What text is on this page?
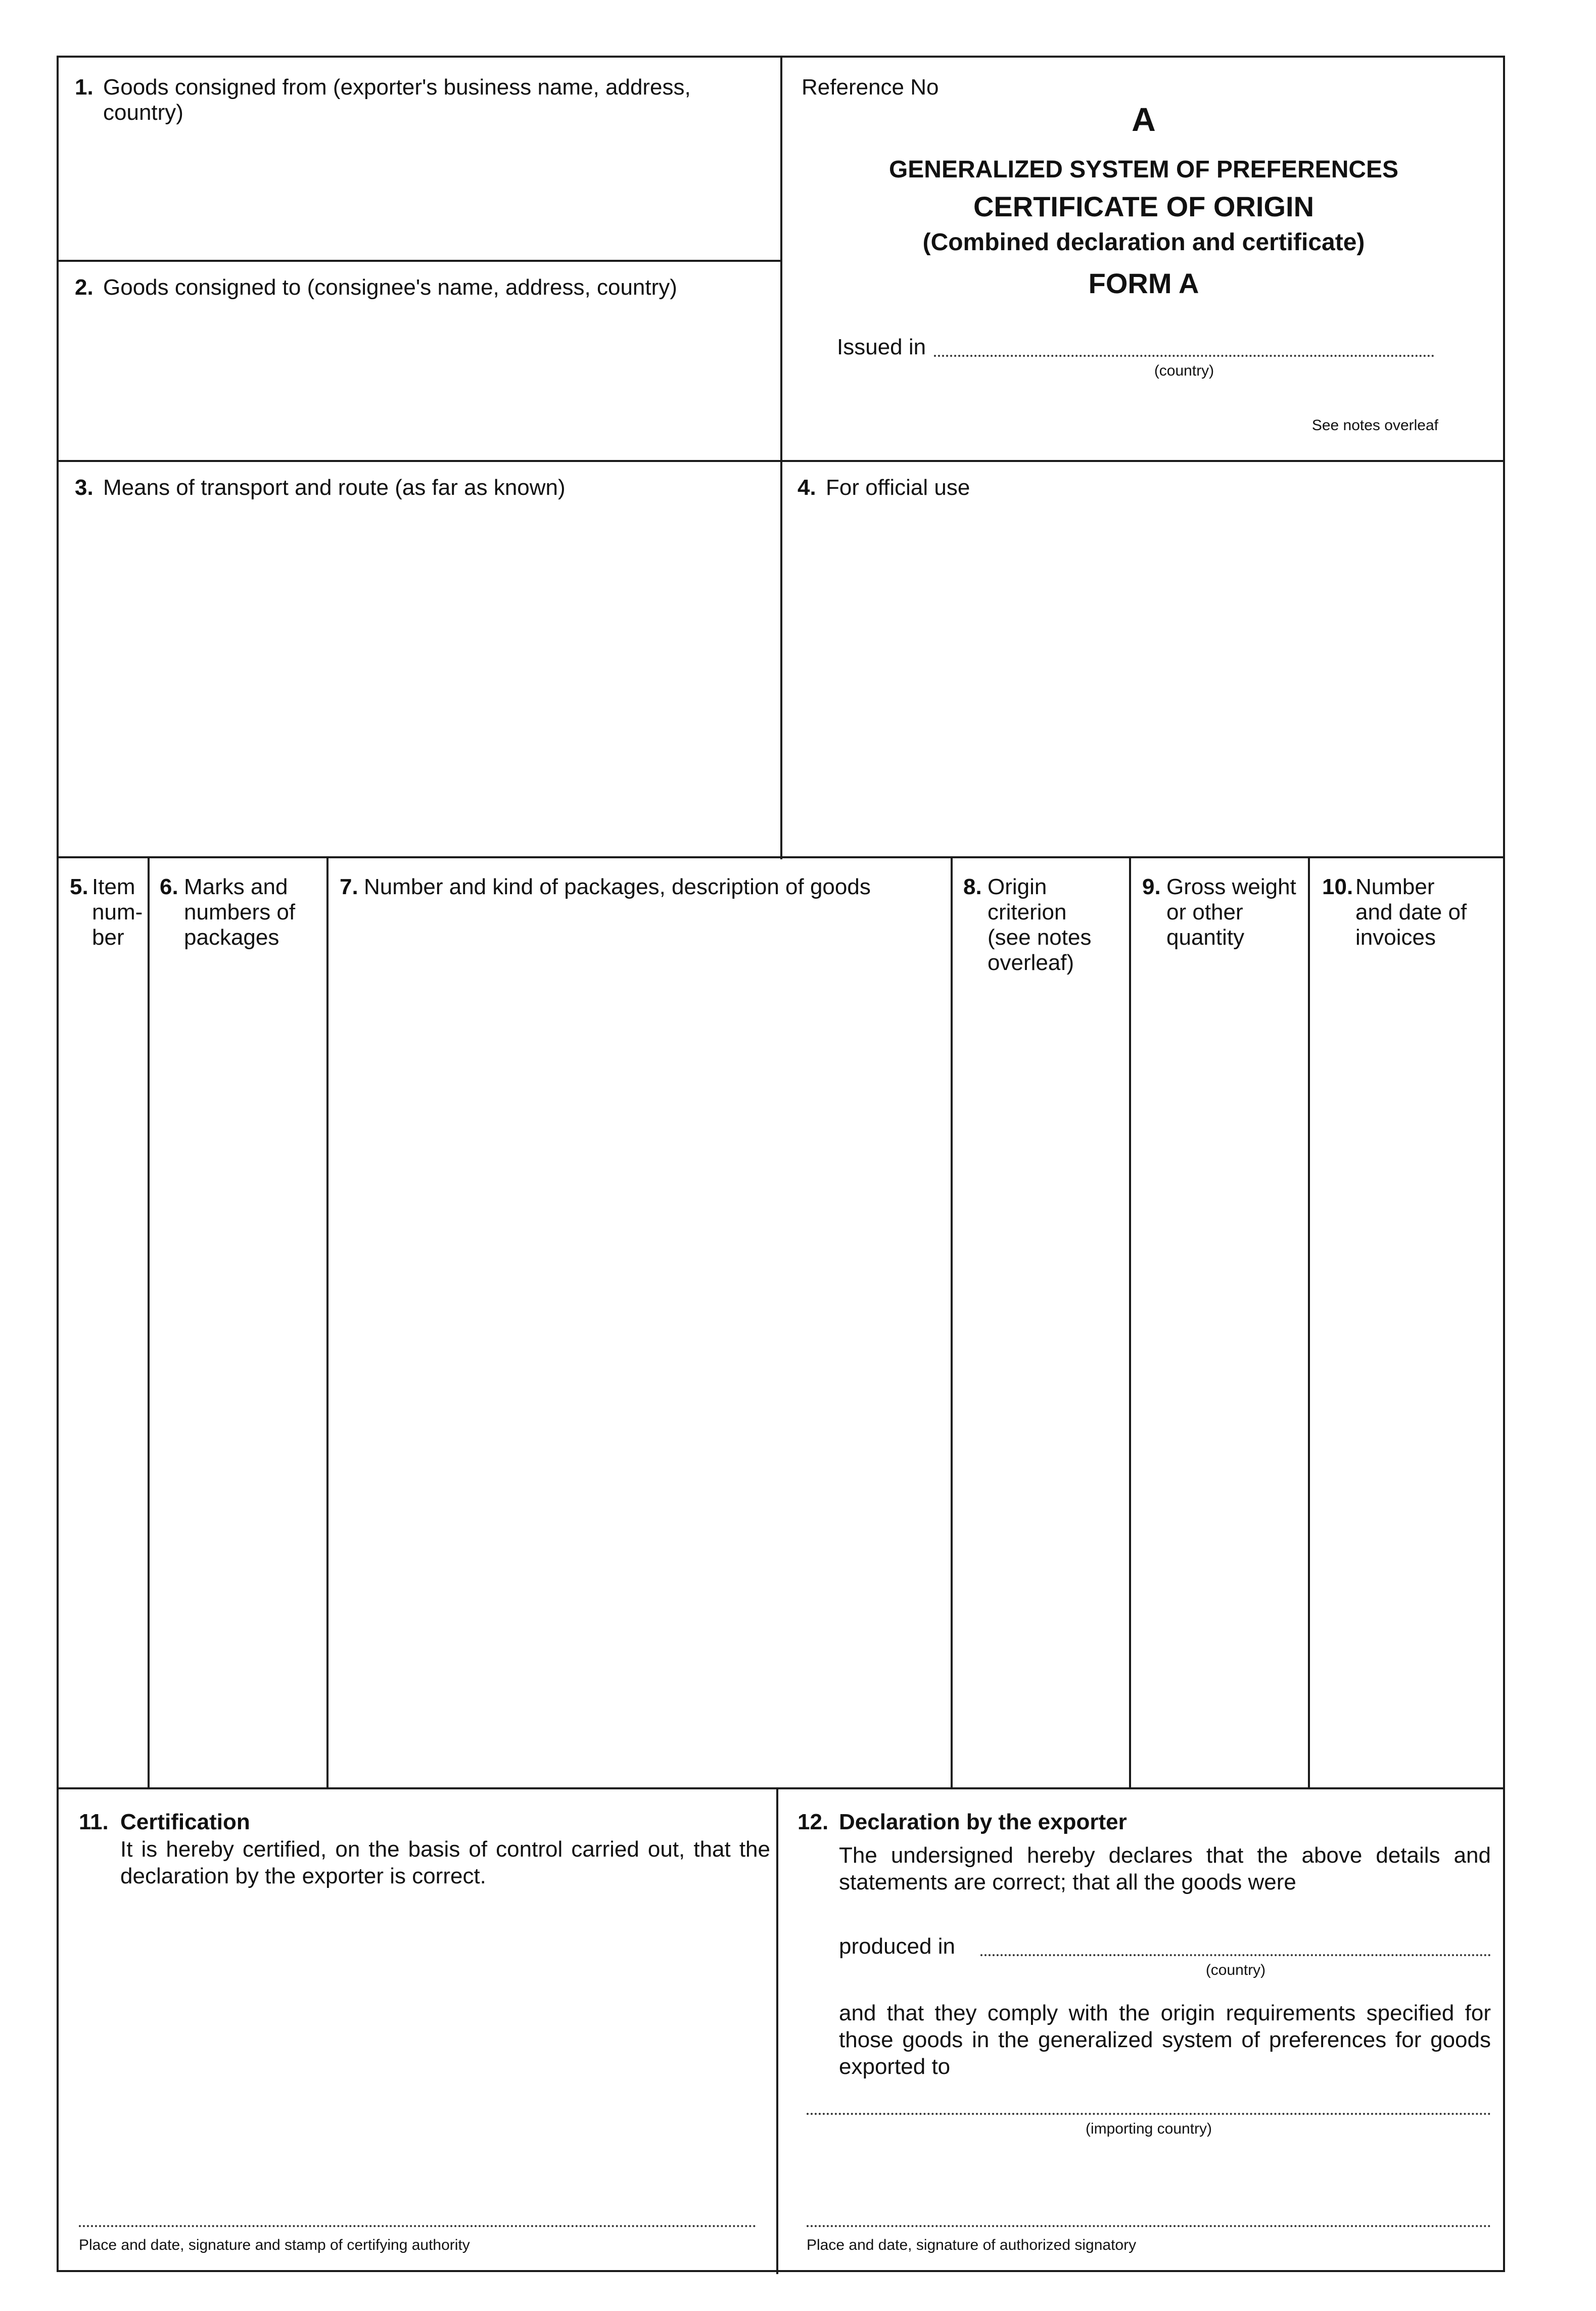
1. Goods consigned from (exporter's business name, address, country)
2. Goods consigned to (consignee's name, address, country)
Reference No
A
GENERALIZED SYSTEM OF PREFERENCES
CERTIFICATE OF ORIGIN
(Combined declaration and certificate)
FORM A
Issued in
(country)
See notes overleaf
3. Means of transport and route (as far as known)	4. For official use
5. Item
num-
ber
6. Marks and
numbers of
packages
7. Number and kind of packages, description of goods	8. Origin
criterion
(see notes
overleaf)
9. Gross weight
or other
quantity
10. Number
and date of
invoices
11. Certification
It is hereby certified, on the basis of control carried out, that the declaration by the exporter is correct.
Place and date, signature and stamp of certifying authority
12. Declaration by the exporter
The undersigned hereby declares that the above details and statements are correct; that all the goods were
produced in
(country)
and that they comply with the origin requirements specified for those goods in the generalized system of preferences for goods exported to
(importing country)
Place and date, signature of authorized signatory
